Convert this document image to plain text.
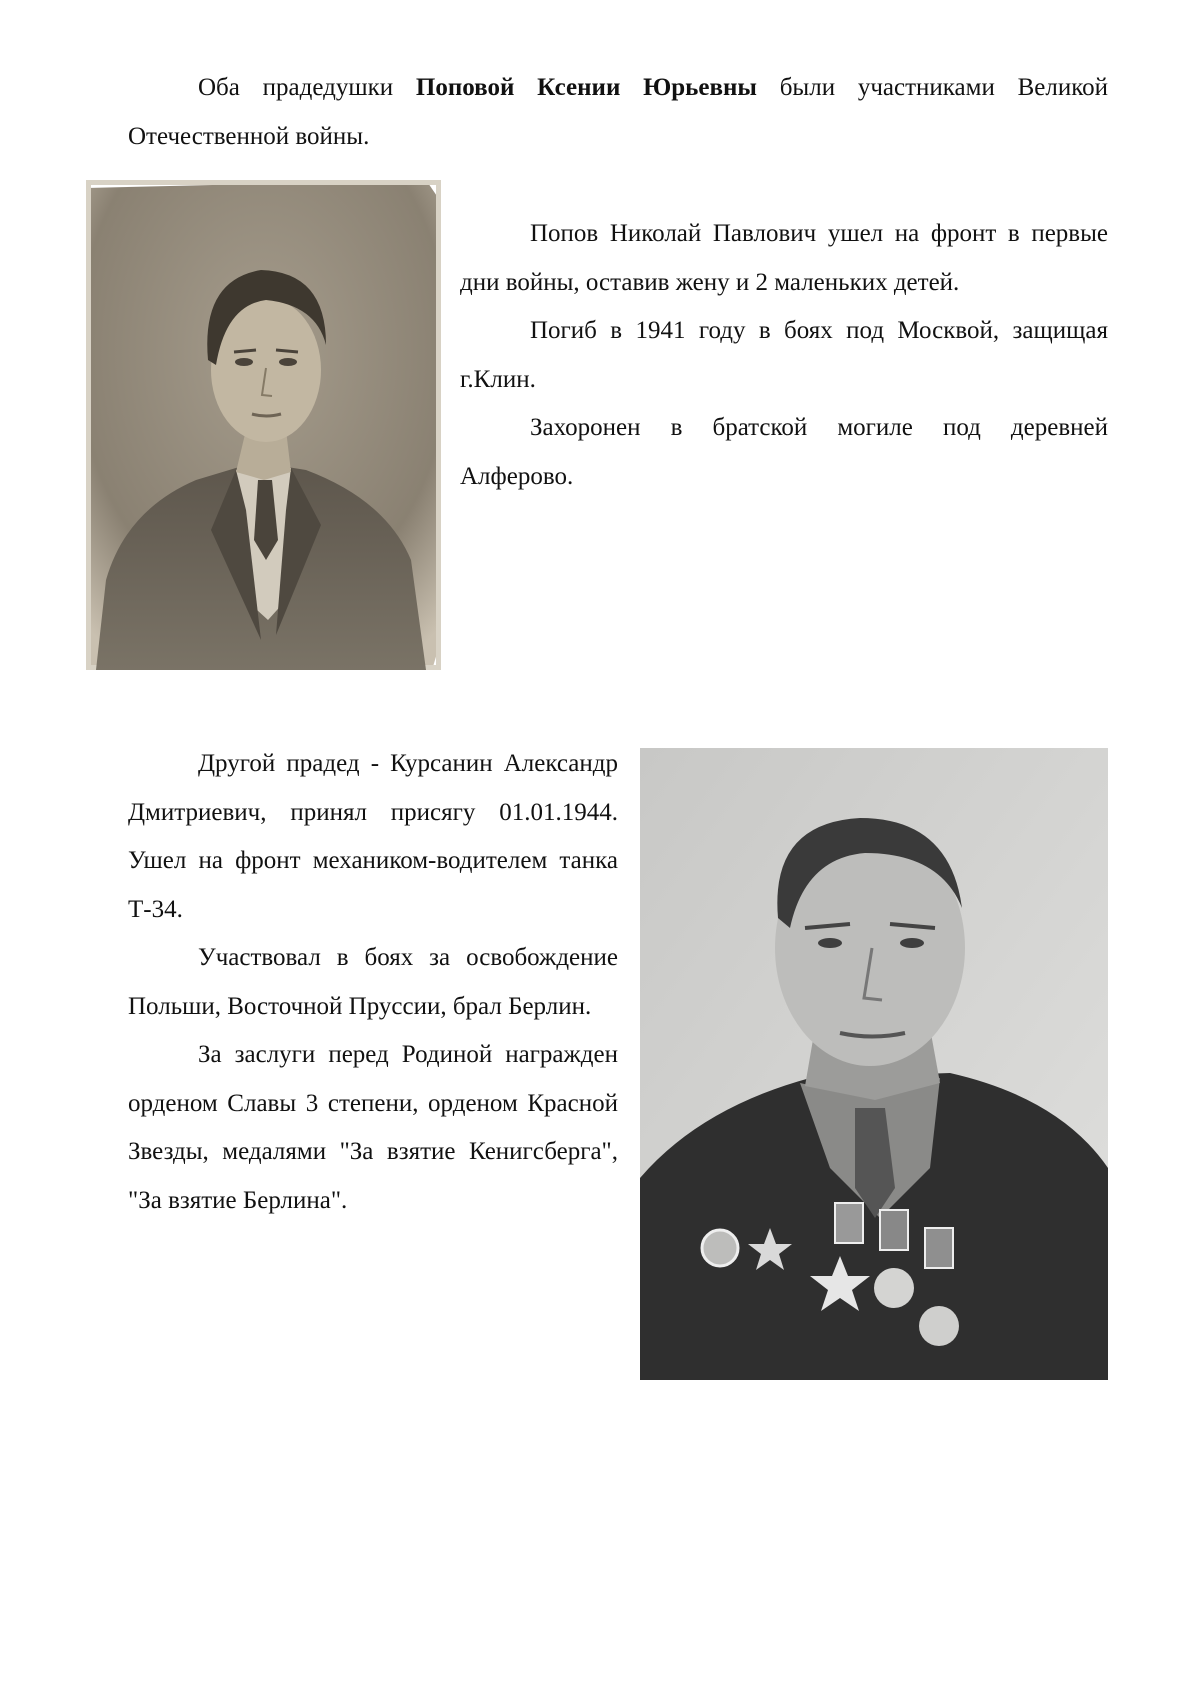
Оба прадедушки Поповой Ксении Юрьевны были участниками Великой Отечественной войны.

Попов Николай Павлович ушел на фронт в первые дни войны, оставив жену и 2 маленьких детей.

Погиб в 1941 году в боях под Москвой, защищая г.Клин.

Захоронен в братской могиле под деревней Алферово.

Другой прадед - Курсанин Александр Дмитриевич, принял присягу 01.01.1944. Ушел на фронт механиком-водителем танка Т-34.

Участвовал в боях за освобождение Польши, Восточной Пруссии, брал Берлин.

За заслуги перед Родиной награжден орденом Славы 3 степени, орденом Красной Звезды, медалями "За взятие Кенигсберга", "За взятие Берлина".
